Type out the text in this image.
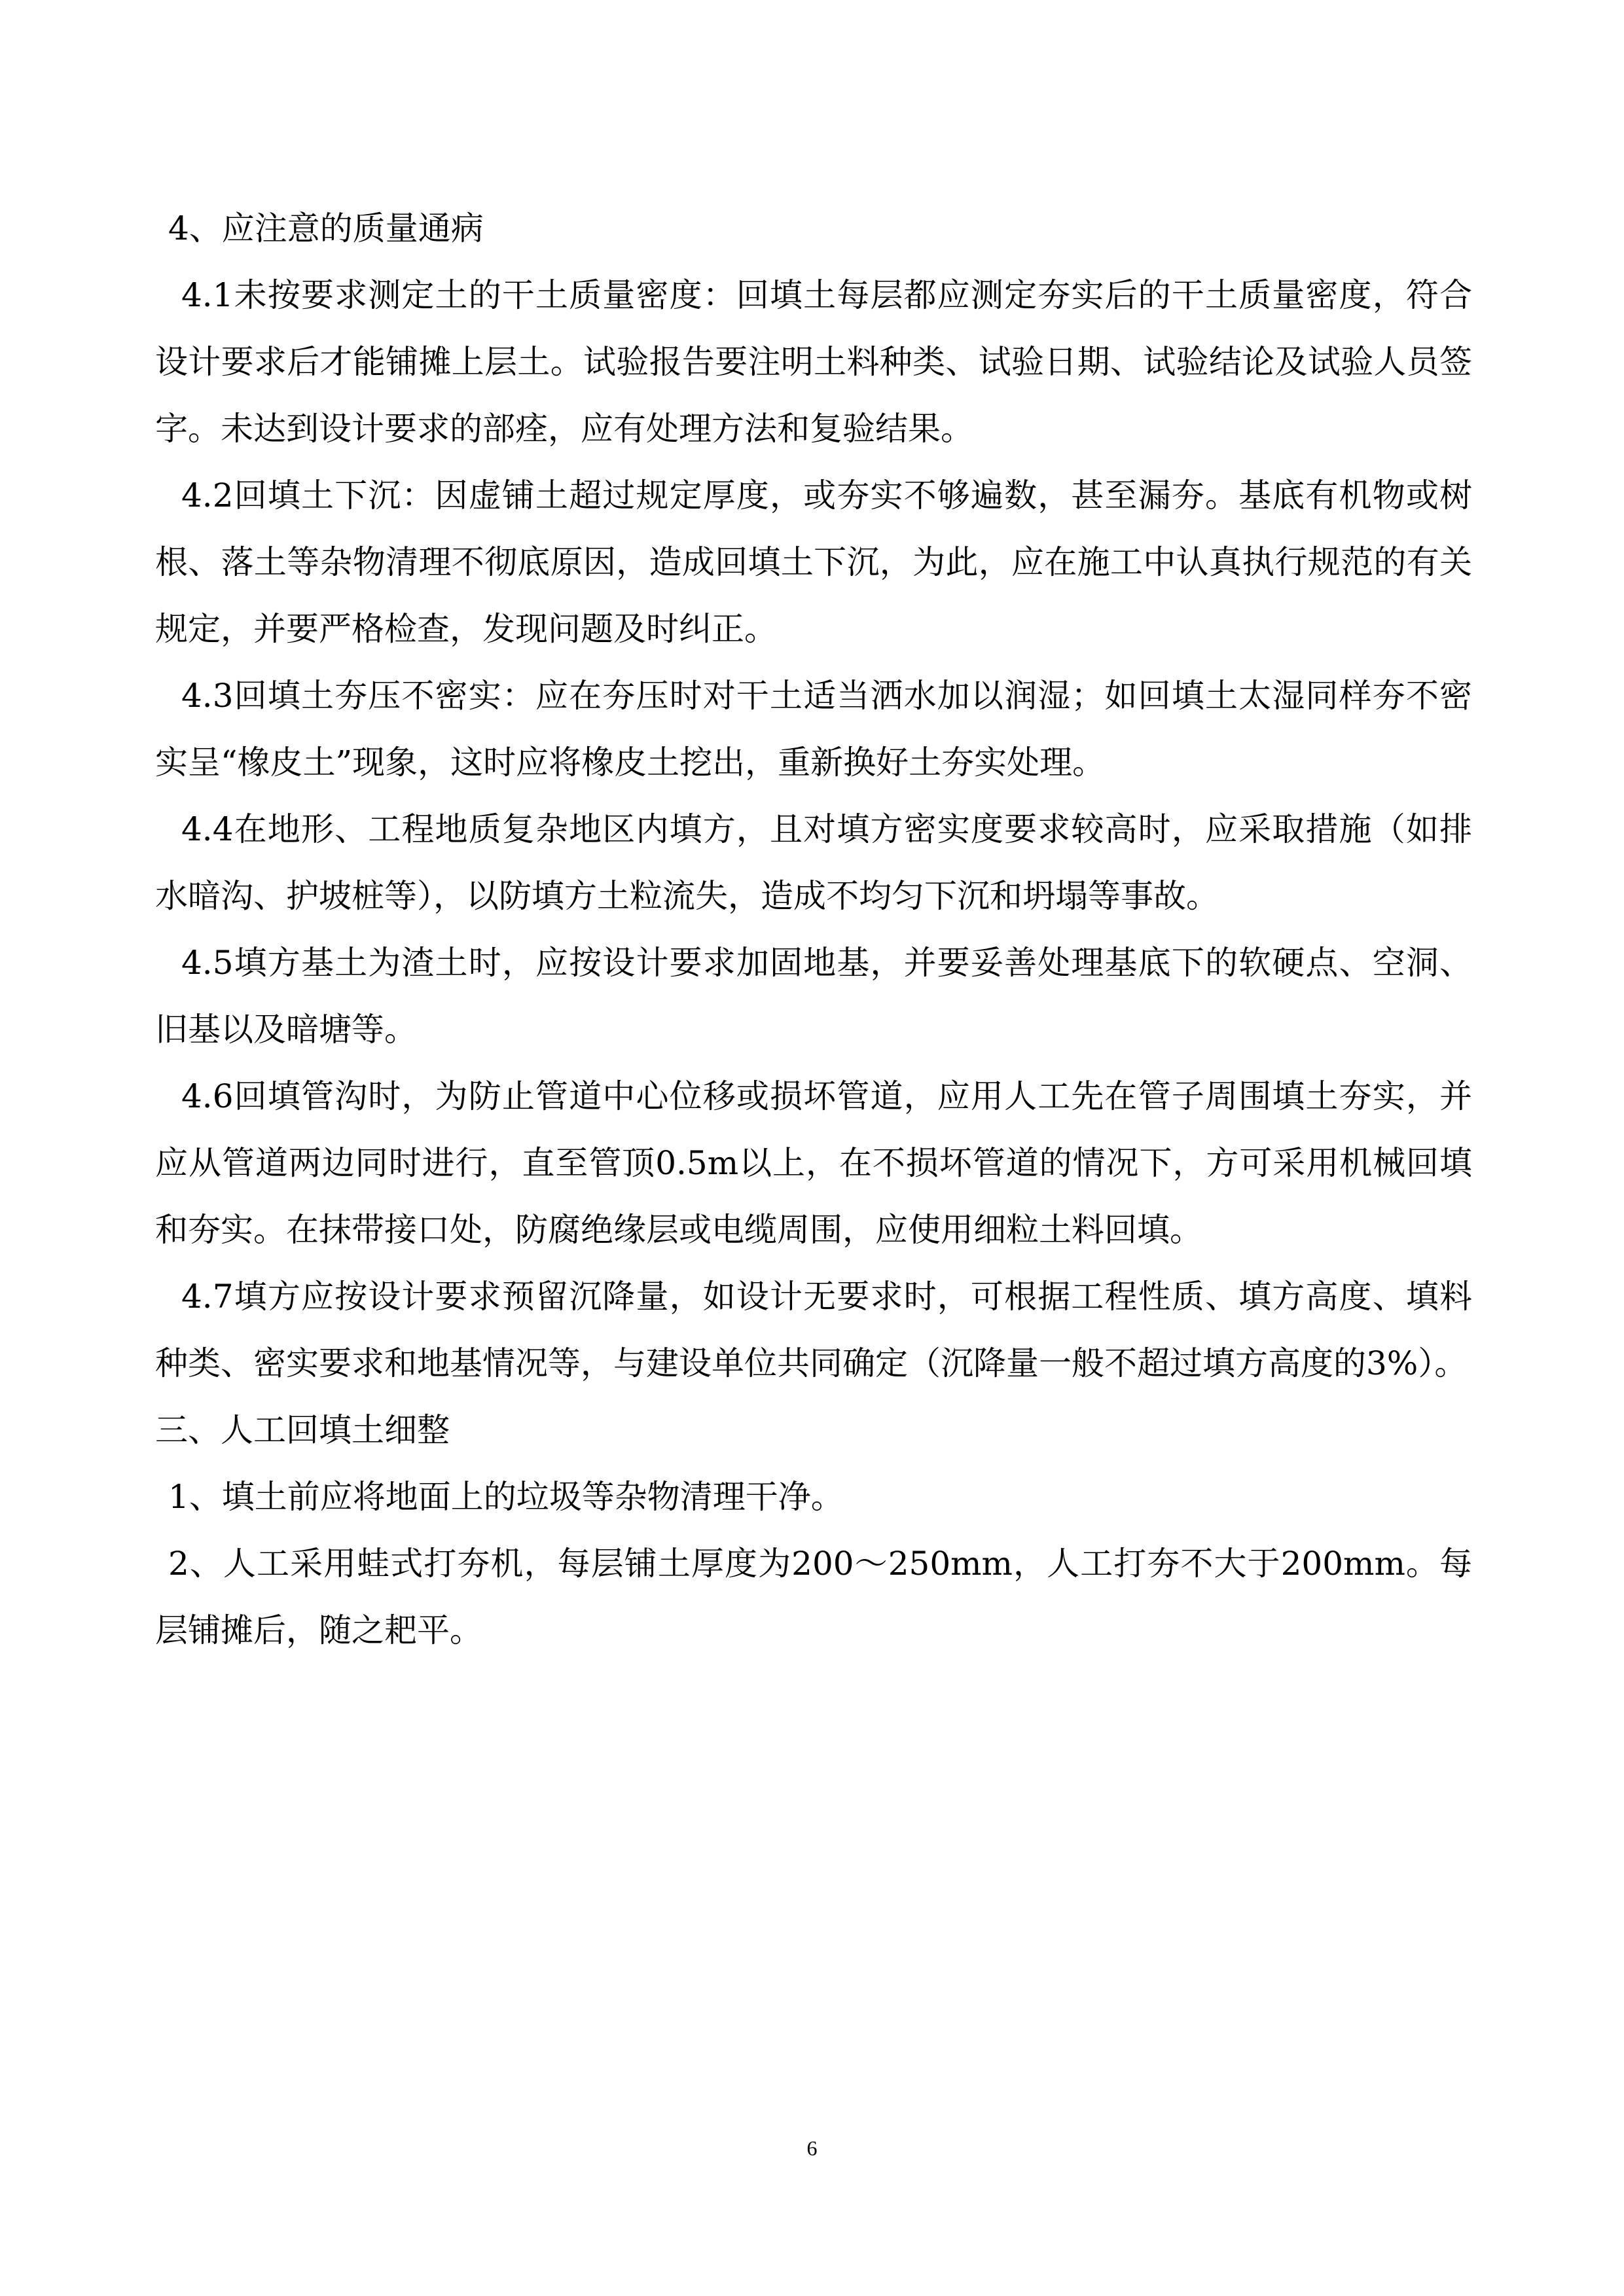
4、应注意的质量通病

4.1未按要求测定土的干土质量密度：回填土每层都应测定夯实后的干土质量密度，符合设计要求后才能铺摊上层土。试验报告要注明土料种类、试验日期、试验结论及试验人员签字。未达到设计要求的部痊，应有处理方法和复验结果。

4.2回填土下沉：因虚铺土超过规定厚度，或夯实不够遍数，甚至漏夯。基底有机物或树根、落土等杂物清理不彻底原因，造成回填土下沉，为此，应在施工中认真执行规范的有关规定，并要严格检查，发现问题及时纠正。

4.3回填土夯压不密实：应在夯压时对干土适当洒水加以润湿；如回填土太湿同样夯不密实呈“橡皮土”现象，这时应将橡皮土挖出，重新换好土夯实处理。

4.4在地形、工程地质复杂地区内填方，且对填方密实度要求较高时，应采取措施（如排水暗沟、护坡桩等），以防填方土粒流失，造成不均匀下沉和坍塌等事故。

4.5填方基土为渣土时，应按设计要求加固地基，并要妥善处理基底下的软硬点、空洞、旧基以及暗塘等。

4.6回填管沟时，为防止管道中心位移或损坏管道，应用人工先在管子周围填土夯实，并应从管道两边同时进行，直至管顶0.5m以上，在不损坏管道的情况下，方可采用机械回填和夯实。在抹带接口处，防腐绝缘层或电缆周围，应使用细粒土料回填。

4.7填方应按设计要求预留沉降量，如设计无要求时，可根据工程性质、填方高度、填料种类、密实要求和地基情况等，与建设单位共同确定（沉降量一般不超过填方高度的3%）。

三、人工回填土细整

1、填土前应将地面上的垃圾等杂物清理干净。

2、人工采用蛙式打夯机，每层铺土厚度为200～250mm，人工打夯不大于200mm。每层铺摊后，随之耙平。

6
